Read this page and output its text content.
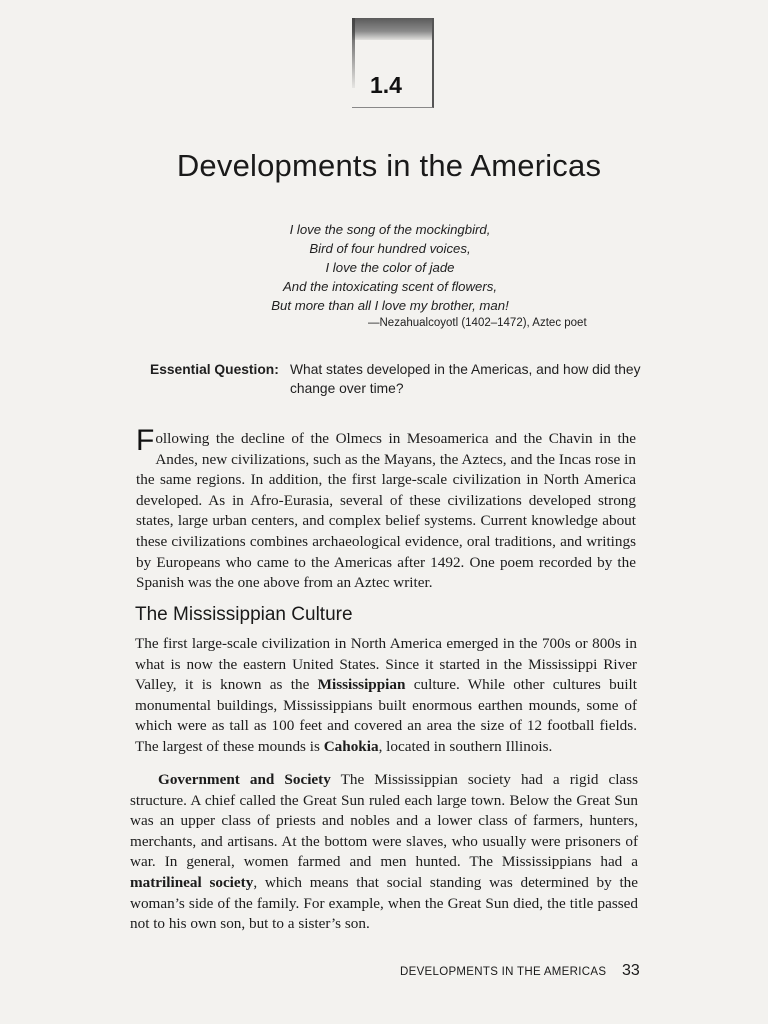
1.4
Developments in the Americas
I love the song of the mockingbird,
Bird of four hundred voices,
I love the color of jade
And the intoxicating scent of flowers,
But more than all I love my brother, man!
—Nezahualcoyotl (1402–1472), Aztec poet
Essential Question: What states developed in the Americas, and how did they change over time?

Following the decline of the Olmecs in Mesoamerica and the Chavin in the Andes, new civilizations, such as the Mayans, the Aztecs, and the Incas rose in the same regions. In addition, the first large-scale civilization in North America developed. As in Afro-Eurasia, several of these civilizations developed strong states, large urban centers, and complex belief systems. Current knowledge about these civilizations combines archaeological evidence, oral traditions, and writings by Europeans who came to the Americas after 1492. One poem recorded by the Spanish was the one above from an Aztec writer.

The Mississippian Culture

The first large-scale civilization in North America emerged in the 700s or 800s in what is now the eastern United States. Since it started in the Mississippi River Valley, it is known as the Mississippian culture. While other cultures built monumental buildings, Mississippians built enormous earthen mounds, some of which were as tall as 100 feet and covered an area the size of 12 football fields. The largest of these mounds is Cahokia, located in southern Illinois.

Government and Society The Mississippian society had a rigid class structure. A chief called the Great Sun ruled each large town. Below the Great Sun was an upper class of priests and nobles and a lower class of farmers, hunters, merchants, and artisans. At the bottom were slaves, who usually were prisoners of war. In general, women farmed and men hunted. The Mississippians had a matrilineal society, which means that social standing was determined by the woman’s side of the family. For example, when the Great Sun died, the title passed not to his own son, but to a sister’s son.

DEVELOPMENTS IN THE AMERICAS 33
